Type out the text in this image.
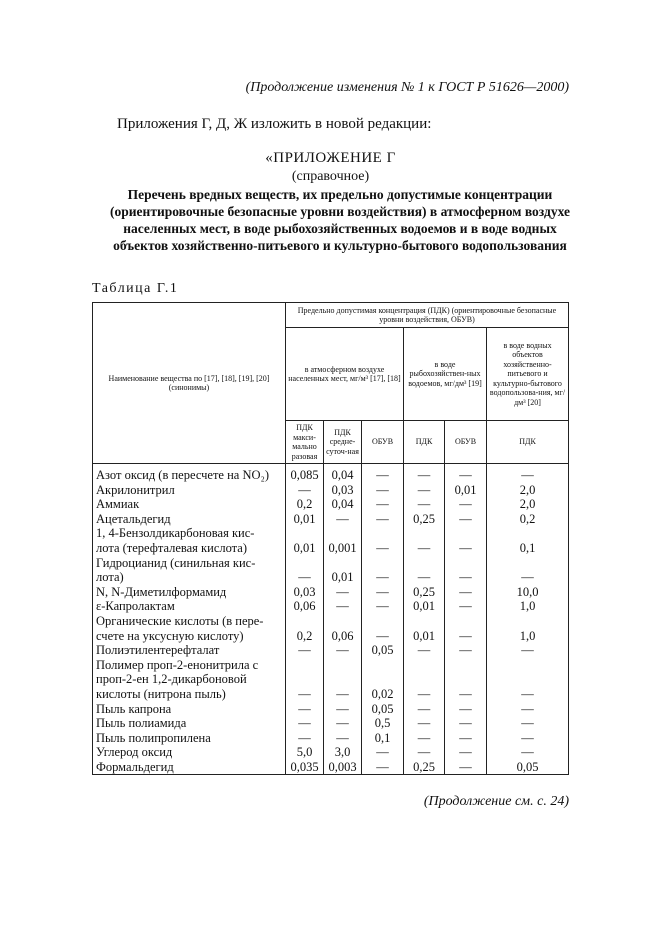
(Продолжение изменения № 1 к ГОСТ Р 51626—2000)
Приложения Г, Д, Ж изложить в новой редакции:
«ПРИЛОЖЕНИЕ Г
(справочное)
Перечень вредных веществ, их предельно допустимые концентрации (ориентировочные безопасные уровни воздействия) в атмосферном воздухе населенных мест, в воде рыбохозяйственных водоемов и в воде водных объектов хозяйственно-питьевого и культурно-бытового водопользования
Таблица Г.1
Наименование вещества по [17], [18], [19], [20] (синонимы)	Предельно допустимая концентрация (ПДК) (ориентировочные безопасные уровни воздействия, ОБУВ)					
	в атмосферном воздухе населенных мест, мг/м³ [17], [18]			в воде рыбохозяйствен-ных водоемов, мг/дм³ [19]		в воде водных объектов хозяйственно-питьевого и культурно-бытового водопользова-ния, мг/дм³ [20]
	ПДК макси-мально разовая	ПДК средне-суточ-ная	ОБУВ	ПДК	ОБУВ	ПДК
Азот оксид (в пересчете на NO₂)	0,085	0,04	—	—	—	—
Акрилонитрил	—	0,03	—	—	0,01	2,0
Аммиак	0,2	0,04	—	—	—	2,0
Ацетальдегид	0,01	—	—	0,25	—	0,2
1, 4-Бензолдикарбоновая кис-						
лота (терефталевая кислота)	0,01	0,001	—	—	—	0,1
Гидроцианид (синильная кис-						
лота)	—	0,01	—	—	—	—
N, N-Диметилформамид	0,03	—	—	0,25	—	10,0
ε-Капролактам	0,06	—	—	0,01	—	1,0
Органические кислоты (в пере-						
счете на уксусную кислоту)	0,2	0,06	—	0,01	—	1,0
Полиэтилентерефталат	—	—	0,05	—	—	—
Полимер проп-2-енонитрила с						
проп-2-ен 1,2-дикарбоновой						
кислоты (нитрона пыль)	—	—	0,02	—	—	—
Пыль капрона	—	—	0,05	—	—	—
Пыль полиамида	—	—	0,5	—	—	—
Пыль полипропилена	—	—	0,1	—	—	—
Углерод оксид	5,0	3,0	—	—	—	—
Формальдегид	0,035	0,003	—	0,25	—	0,05
(Продолжение см. с. 24)
